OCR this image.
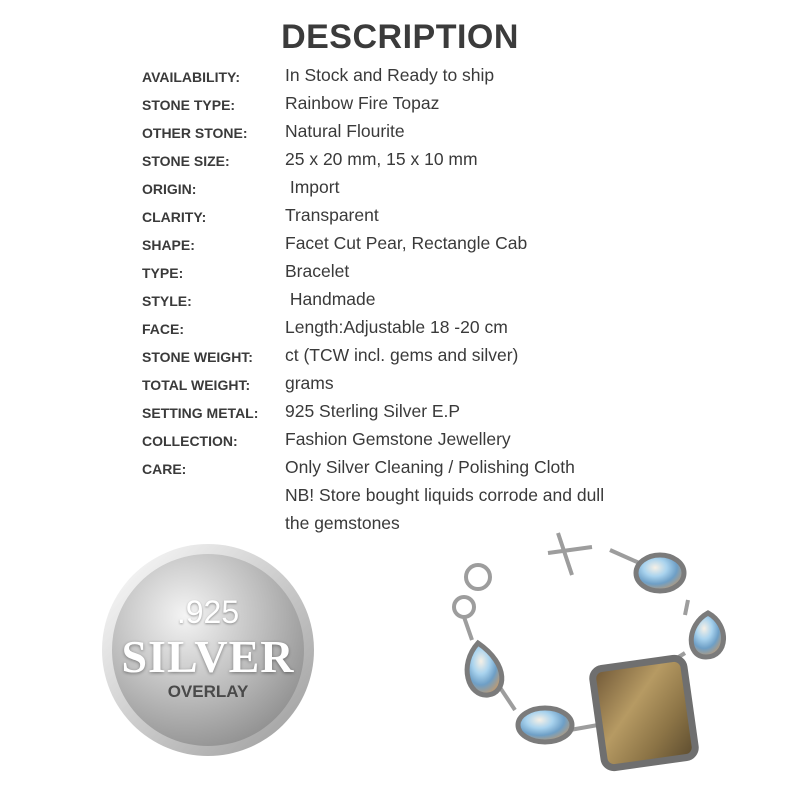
DESCRIPTION
AVAILABILITY:	In Stock and Ready to ship
STONE TYPE:	Rainbow Fire Topaz
OTHER STONE: Natural Flourite
STONE SIZE:	25 x 20 mm, 15 x 10 mm
ORIGIN:	Import
CLARITY:	Transparent
SHAPE:	Facet Cut Pear, Rectangle Cab
TYPE:	Bracelet
STYLE:	Handmade
FACE:	Length:Adjustable 18 -20 cm
STONE WEIGHT: ct (TCW incl. gems and silver)
TOTAL WEIGHT: grams
SETTING METAL: 925 Sterling Silver E.P
COLLECTION:	Fashion Gemstone Jewellery
CARE:	Only Silver Cleaning / Polishing Cloth
NB! Store bought liquids corrode and dull
the gemstones
.925
SILVER
OVERLAY
